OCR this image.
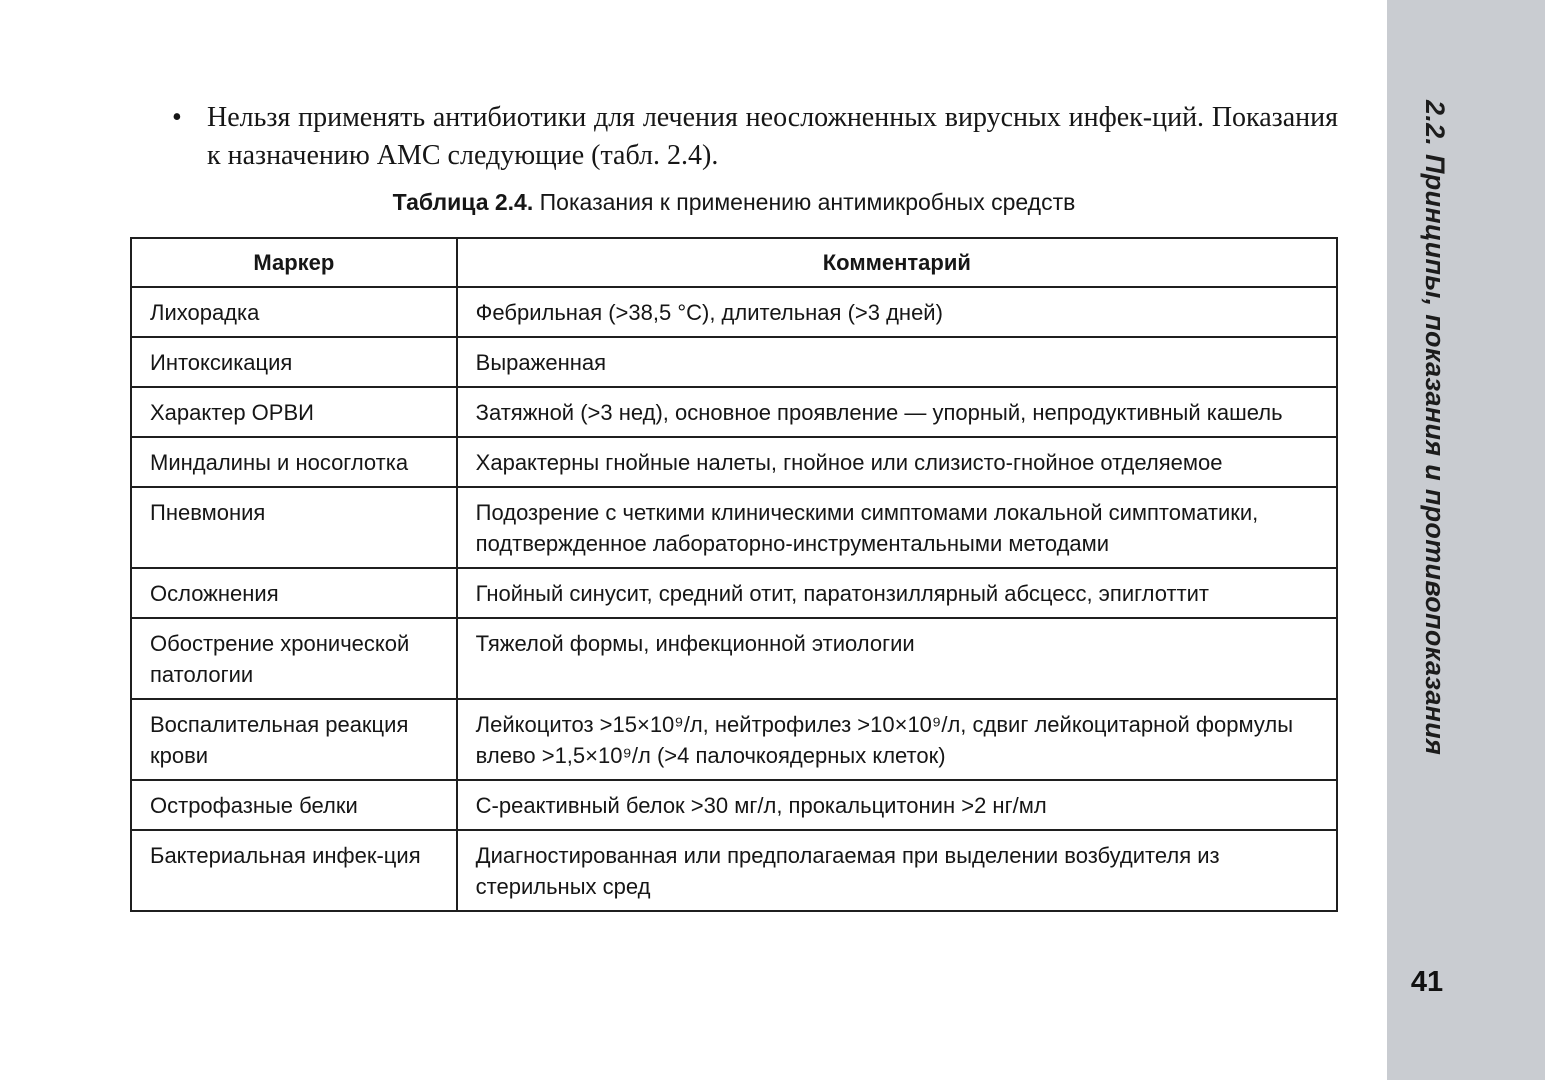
2.2. Принципы, показания и противопоказания
41
• Нельзя применять антибиотики для лечения неосложненных вирусных инфек-ций. Показания к назначению АМС следующие (табл. 2.4).
Таблица 2.4. Показания к применению антимикробных средств
Маркер	Комментарий
Лихорадка	Фебрильная (>38,5 °C), длительная (>3 дней)
Интоксикация	Выраженная
Характер ОРВИ	Затяжной (>3 нед), основное проявление — упорный, непродуктивный кашель
Миндалины и носоглотка	Характерны гнойные налеты, гнойное или слизисто-гнойное отделяемое
Пневмония	Подозрение с четкими клиническими симптомами локальной симптоматики, подтвержденное лабораторно-инструментальными методами
Осложнения	Гнойный синусит, средний отит, паратонзиллярный абсцесс, эпиглоттит
Обострение хронической патологии	Тяжелой формы, инфекционной этиологии
Воспалительная реакция крови	Лейкоцитоз >15×10⁹/л, нейтрофилез >10×10⁹/л, сдвиг лейкоцитарной формулы влево >1,5×10⁹/л (>4 палочкоядерных клеток)
Острофазные белки	С-реактивный белок >30 мг/л, прокальцитонин >2 нг/мл
Бактериальная инфек-ция	Диагностированная или предполагаемая при выделении возбудителя из стерильных сред
